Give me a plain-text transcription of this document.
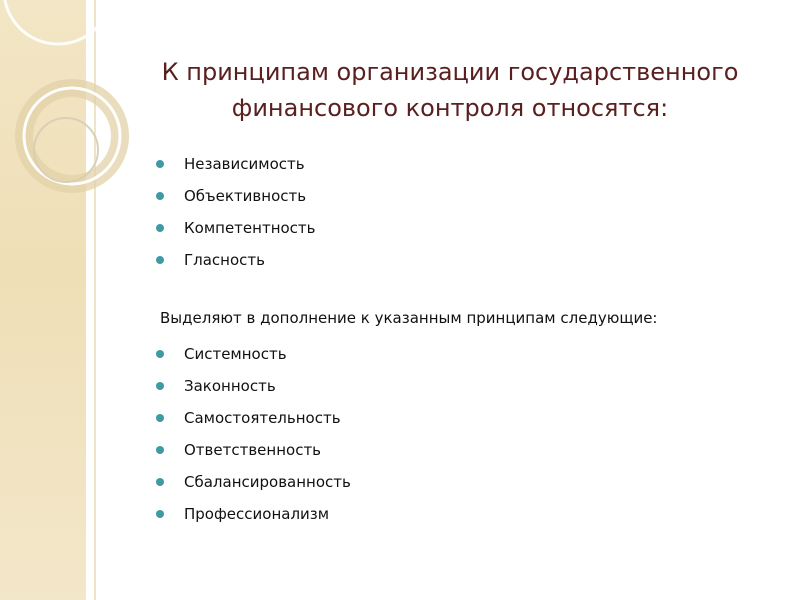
К принципам организации государственного
финансового контроля относятся:
Независимость
Объективность
Компетентность
Гласность
Выделяют в дополнение к указанным принципам следующие:
Системность
Законность
Самостоятельность
Ответственность
Сбалансированность
Профессионализм
